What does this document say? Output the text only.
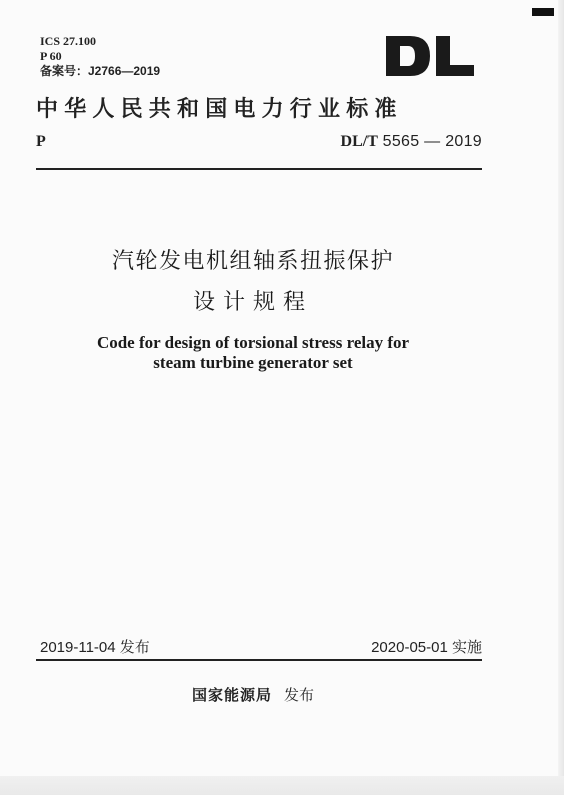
ICS 27.100
P 60
备案号：J2766—2019
中华人民共和国电力行业标准
P	DL/T 5565 — 2019
汽轮发电机组轴系扭振保护
设计规程
Code for design of torsional stress relay for
steam turbine generator set
2019-11-04 发布	2020-05-01 实施
国家能源局 发布
